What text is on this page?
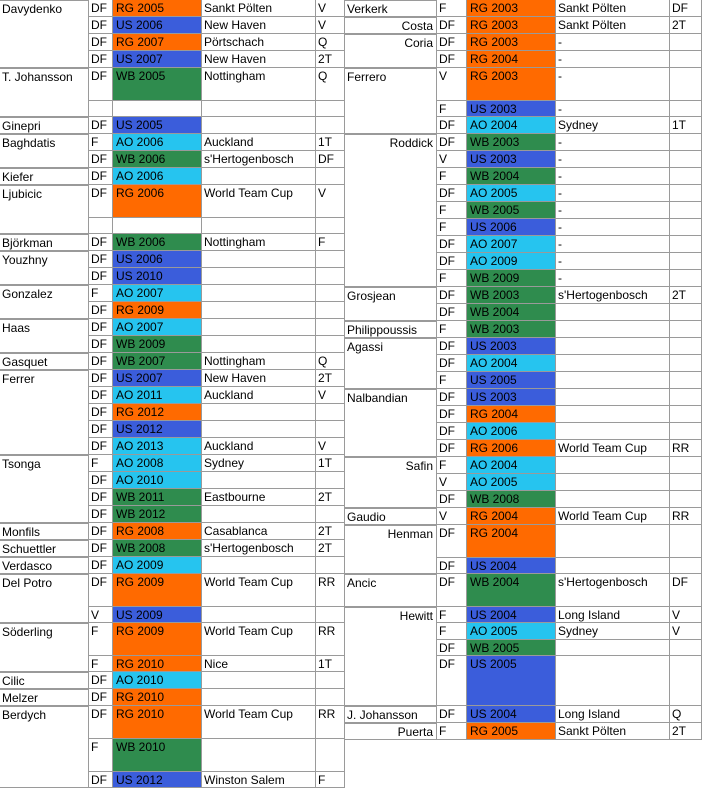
Davydenko	DF RG 2005	Sankt Pölten	V
DF US 2006	New Haven	V
DF RG 2007	Pörtschach	Q
DF US 2007	New Haven	2T
T. Johansson	DF WB 2005	Nottingham	Q
Ginepri	DF US 2005
Baghdatis	F	AO 2006	Auckland	1T
DF WB 2006	s'Hertogenbosch	DF
Kiefer	DF AO 2006
Ljubicic	DF RG 2006	World Team Cup	V
Björkman	DF WB 2006	Nottingham	F
Youzhny	DF US 2006
DF US 2010
Gonzalez	F	AO 2007
DF RG 2009
Haas	DF AO 2007
DF WB 2009
Gasquet	DF WB 2007	Nottingham	Q
Ferrer	DF US 2007	New Haven	2T
DF AO 2011	Auckland	V
DF RG 2012
DF US 2012
DF AO 2013	Auckland	V
Tsonga	F	AO 2008	Sydney	1T
DF AO 2010
DF WB 2011	Eastbourne	2T
DF WB 2012
Monfils	DF RG 2008	Casablanca	2T
Schuettler	DF WB 2008	s'Hertogenbosch	2T
Verdasco	DF AO 2009
Del Potro	DF RG 2009	World Team Cup	RR
V	US 2009
Söderling	F	RG 2009	World Team Cup	RR
F	RG 2010	Nice	1T
Cilic	DF AO 2010
Melzer	DF RG 2010
Berdych	DF RG 2010	World Team Cup	RR
F	WB 2010
DF US 2012	Winston Salem	F
Verkerk	F	RG 2003	Sankt Pölten	DF
Costa DF	RG 2003	Sankt Pölten	2T
Coria DF	RG 2003	-
DF	RG 2004	-
Ferrero	V	RG 2003	-
F	US 2003	-
DF	AO 2004	Sydney	1T
Roddick DF	WB 2003	-
V	US 2003	-
F	WB 2004	-
DF	AO 2005	-
F	WB 2005	-
F	US 2006	-
DF	AO 2007	-
DF	AO 2009	-
F	WB 2009	-
Grosjean	DF	WB 2003	s'Hertogenbosch	2T
DF	WB 2004
Philippoussis	F	WB 2003
Agassi	DF	US 2003
DF	AO 2004
F	US 2005
Nalbandian	DF	US 2003
DF	RG 2004
DF	AO 2006
DF	RG 2006	World Team Cup	RR
Safin F	AO 2004
V	AO 2005
DF	WB 2008
Gaudio	V	RG 2004	World Team Cup	RR
Henman DF	RG 2004
DF	US 2004
Ancic	DF	WB 2004	s'Hertogenbosch	DF
Hewitt F	US 2004	Long Island	V
F	AO 2005	Sydney	V
DF	WB 2005
DF	US 2005
J. Johansson	DF	US 2004	Long Island	Q
Puerta F	RG 2005	Sankt Pölten	2T
